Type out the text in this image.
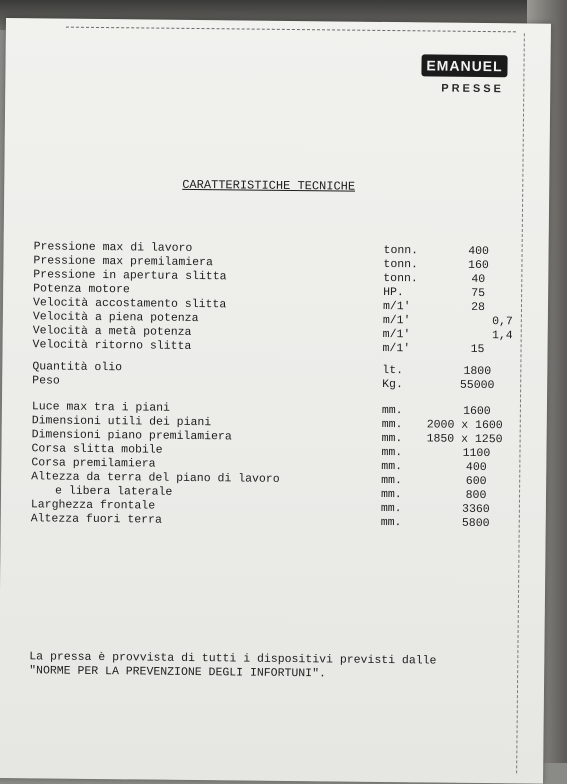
EMANUEL
PRESSE
CARATTERISTICHE TECNICHE
Pressione max di lavoro	tonn.	400
Pressione max premilamiera	tonn.	160
Pressione in apertura slitta	tonn.	40
Potenza motore	HP.	75
Velocità accostamento slitta	m/1'	28
Velocità a piena potenza	m/1'	0,7
Velocità a metà potenza	m/1'	1,4
Velocità ritorno slitta	m/1'	15
Quantità olio	lt.	1800
Peso	Kg.	55000
Luce max tra i piani	mm.	1600
Dimensioni utili dei piani	mm. 2000 x 1600
Dimensioni piano premilamiera	mm. 1850 x 1250
Corsa slitta mobile	mm.	1100
Corsa premilamiera	mm.	400
Altezza da terra del piano di lavoro	mm.	600
e libera laterale	mm.	800
Larghezza frontale	mm.	3360
Altezza fuori terra	mm.	5800
La pressa è provvista di tutti i dispositivi previsti dalle
"NORME PER LA PREVENZIONE DEGLI INFORTUNI".
